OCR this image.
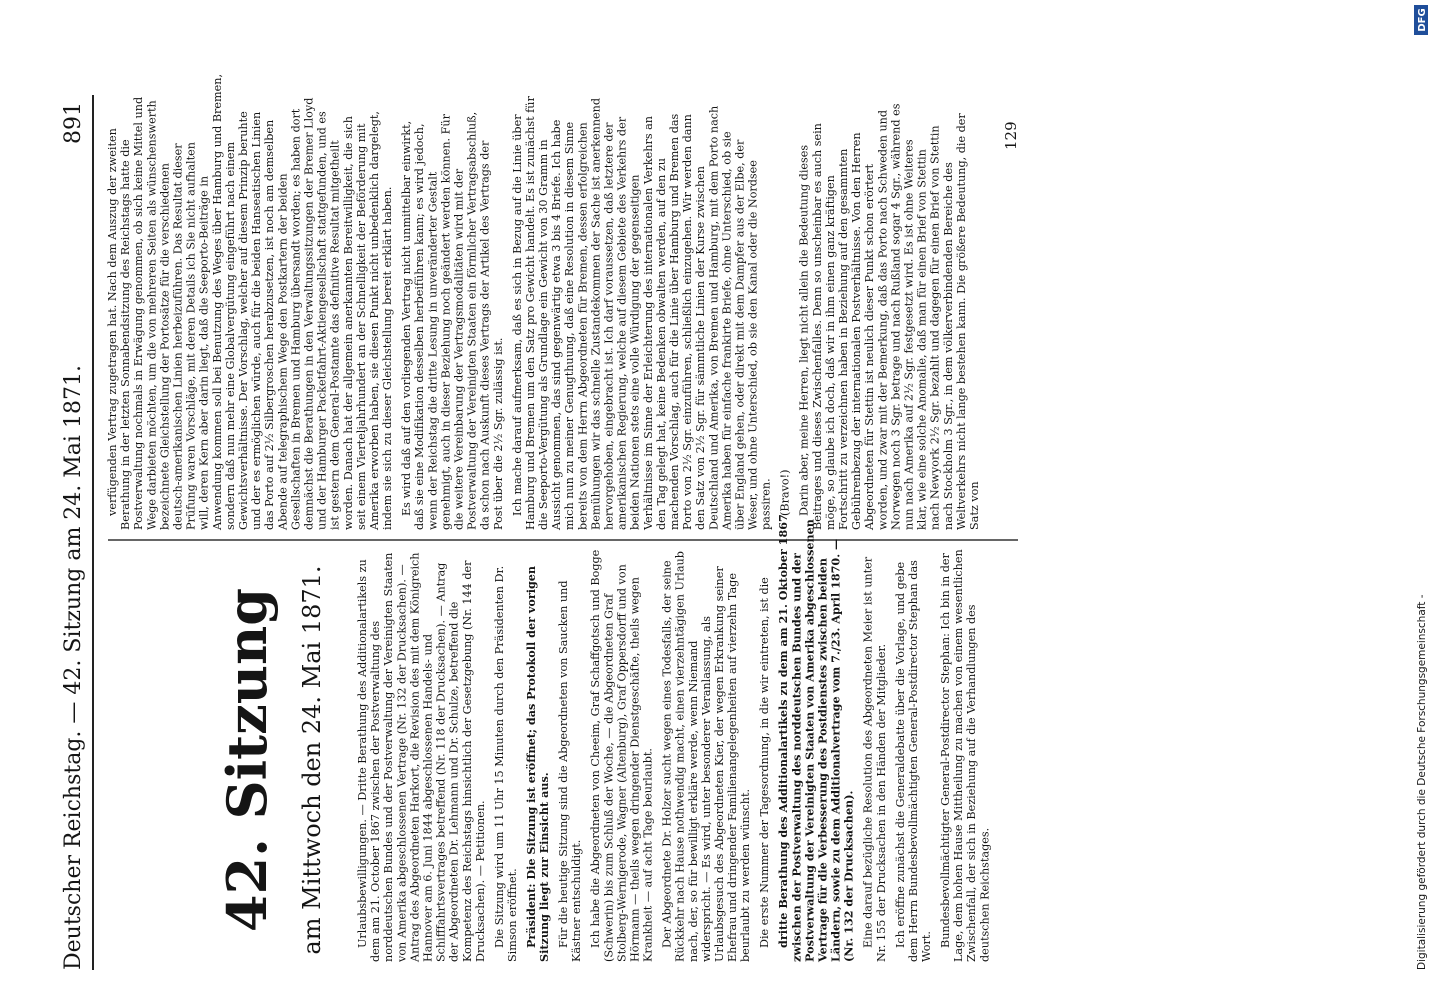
Deutscher Reichstag. — 42. Sitzung am 24. Mai 1871.
891
42. Sitzung am Mittwoch den 24. Mai 1871.	Urlaubsbewilligungen. — Dritte Berathung des Additionalartikels zudem am 21. October 1867 zwischen der Postverwaltung desnorddeutschen Bundes und der Postverwaltung der Vereinigten Staatenvon Amerika abgeschlossenen Vertrage (Nr. 132 der Drucksachen). —Antrag des Abgeordneten Harkort, die Revision des mit dem KönigreichHannover am 6. Juni 1844 abgeschlossenen Handels- undSchifffahrtsvertrages betreffend (Nr. 118 der Drucksachen). — Antragder Abgeordneten Dr. Lehmann und Dr. Schulze, betreffend dieKompetenz des Reichstags hinsichtlich der Gesetzgebung (Nr. 144 derDrucksachen). — Petitionen. Die Sitzung wird um 11 Uhr 15 Minuten durch den Präsidenten Dr.Simson eröffnet. Präsident: Die Sitzung ist eröffnet; das Protokoll der vorigenSitzung liegt zur Einsicht aus. Für die heutige Sitzung sind die Abgeordneten von Saucken undKästner entschuldigt. Ich habe die Abgeordneten von Cheeim, Graf Schaffgotsch und Bogge(Schwerin) bis zum Schluß der Woche, — die Abgeordneten GrafStolberg-Wernigerode, Wagner (Altenburg), Graf Oppersdorff und vonHörmann — theils wegen dringender Dienstgeschäfte, theils wegenKrankheit — auf acht Tage beurlaubt. Der Abgeordnete Dr. Holzer sucht wegen eines Todesfalls, der seineRückkehr nach Hause nothwendig macht, einen vierzehntägigen Urlaubnach, der, so für bewilligt erkläre werde, wenn Niemandwiderspricht. — Es wird, unter besonderer Veranlassung, alsUrlaubsgesuch des Abgeordneten Kier, der wegen Erkrankung seinerEhefrau und dringender Familienangelegenheiten auf vierzehn Tagebeurlaubt zu werden wünscht. Die erste Nummer der Tagesordnung, in die wir eintreten, ist die dritte Berathung des Additionalartikels zu dem am 21. Oktober 1867zwischen der Postverwaltung des norddeutschen Bundes und derPostverwaltung der Vereinigten Staaten von Amerika abgeschlossenenVertrage für die Verbesserung des Postdienstes zwischen beidenLändern, sowie zu dem Additionalvertrage vom 7./23. April 1870. —(Nr. 132 der Drucksachen). Eine darauf bezügliche Resolution des Abgeordneten Meier ist unterNr. 155 der Drucksachen in den Händen der Mitglieder. Ich eröffne zunächst die Generaldebatte über die Vorlage, und gebedem Herrn Bundesbevollmächtigten General-Postdirector Stephan dasWort. Bundesbevollmächtigter General-Postdirector Stephan: Ich bin in derLage, dem hohen Hause Mittheilung zu machen von einem wesentlichenZwischenfall, der sich in Beziehung auf die Verhandlungen desdeutschen Reichstages.
verfügenden Vertrag zugetragen hat. Nach dem Auszug der zweitenBerathung in der letzten Sonnabendsitzung des Reichstags hatte diePostverwaltung nochmals in Erwägung genommen, ob sich keine Mittel undWege darbieten möchten, um die von mehreren Seiten als wünschenswerthbezeichnete Gleichstellung der Portosätze für die verschiedenendeutsch-amerikanischen Linien herbeizuführen. Das Resultat dieserPrüfung waren Vorschläge, mit deren Details ich Sie nicht aufhaltenwill, deren Kern aber darin liegt, daß die Seeporto-Beiträge inAnwendung kommen soll bei Benutzung des Weges über Hamburg und Bremen,sondern daß nun mehr eine Globalvergütung eingeführt nach einemGewichtsverhältnisse. Der Vorschlag, welcher auf diesem Prinzip beruhteund der es ermöglichen würde, auch für die beiden Hanseatischen Liniendas Porto auf 2½ Silbergroschen herabzusetzen, ist noch am demselbenAbende auf telegraphischem Wege den Postkartern der beidenGesellschaften in Bremen und Hamburg übersandt worden; es haben dortdemnächst die Berathungen in den Verwaltungssitzungen der Bremer Lloydund der Hamburger Packetfahrt-Aktiengesellschaft stattgefunden, und esist gestern dem General-Postamte das definitive Resultat mitgetheiltworden. Danach hat der allgemein anerkannten Bereitwilligkeit, die sichseit einem Vierteljahrhundert an der Schnelligkeit der Beförderung mitAmerika erworben haben, sie diesen Punkt nicht unbedenklich dargelegt,indem sie sich zu dieser Gleichstellung bereit erklärt haben. Es wird daß auf den vorliegenden Vertrag nicht unmittelbar einwirkt,daß sie eine Modifikation desselben herbeiführen kann; es wird jedoch,wenn der Reichstag die dritte Lesung in unveränderter Gestaltgenehmigt, auch in dieser Beziehung noch geändert werden können. Fürdie weitere Vereinbarung der Vertragsmodalitäten wird mit derPostverwaltung der Vereinigten Staaten ein förmlicher Vertragsabschluß,da schon nach Auskunft dieses Vertrags der Artikel des Vertrags derPost über die 2½ Sgr. zulässig ist. Ich mache darauf aufmerksam, daß es sich in Bezug auf die Linie überHamburg und Bremen um den Satz pro Gewicht handelt. Es ist zunächst fürdie Seeporto-Vergütung als Grundlage ein Gewicht von 30 Gramm inAussicht genommen, das sind gegenwärtig etwa 3 bis 4 Briefe. Ich habemich nun zu meiner Genugthuung, daß eine Resolution in diesem Sinnebereits von dem Herrn Abgeordneten für Bremen, dessen erfolgreichenBemühungen wir das schnelle Zustandekommen der Sache ist anerkennendhervorgehoben, eingebracht ist. Ich darf voraussetzen, daß letztere deramerikanischen Regierung, welche auf diesem Gebiete des Verkehrs derbeiden Nationen stets eine volle Würdigung der gegenseitigenVerhältnisse im Sinne der Erleichterung des internationalen Verkehrs anden Tag gelegt hat, keine Bedenken obwalten werden, auf den zumachenden Vorschlag, auch für die Linie über Hamburg und Bremen dasPorto von 2½ Sgr. einzuführen, schließlich einzugehen. Wir werden dannden Satz von 2½ Sgr. für sämmtliche Linien der Kurse zwischenDeutschland und Amerika, von Bremen und Hamburg, mit dem Porto nachAmerika haben für einfache frankirte Briefe, ohne Unterschied, ob sieüber England gehen, oder direkt mit dem Dampfer aus der Elbe, derWeser, und ohne Unterschied, ob sie den Kanal oder die Nordseepassiren. (Bravo!) Darin aber, meine Herren, liegt nicht allein die Bedeutung diesesBeitrages und dieses Zwischenfalles. Denn so unscheinbar es auch seinmöge, so glaube ich doch, daß wir in ihm einen ganz kräftigenFortschritt zu verzeichnen haben in Beziehung auf den gesammtenGebührenbezug der internationalen Postverhältnisse. Von den HerrenAbgeordneten für Stettin ist neulich dieser Punkt schon erörtertworden, und zwar mit der Bemerkung, daß das Porto nach Schweden undNorwegen noch 3 Sgr. betrage und nach Rußland sogar 4 Sgr., während esnun nach Amerika auf 2½ Sgr. festgesetzt wird. Es ist ohne Weiteresklar, wie eine solche Anomalie, daß man für einen Brief von Stettinnach Newyork 2½ Sgr. bezahlt und dagegen für einen Brief von Stettinnach Stockholm 3 Sgr., in dem völkerverbindenden Bereiche desWeltverkehrs nicht lange bestehen kann. Die größere Bedeutung, die derSatz von
129
DFG
Digitalisierung gefördert durch die Deutsche Forschungsgemeinschaft -
